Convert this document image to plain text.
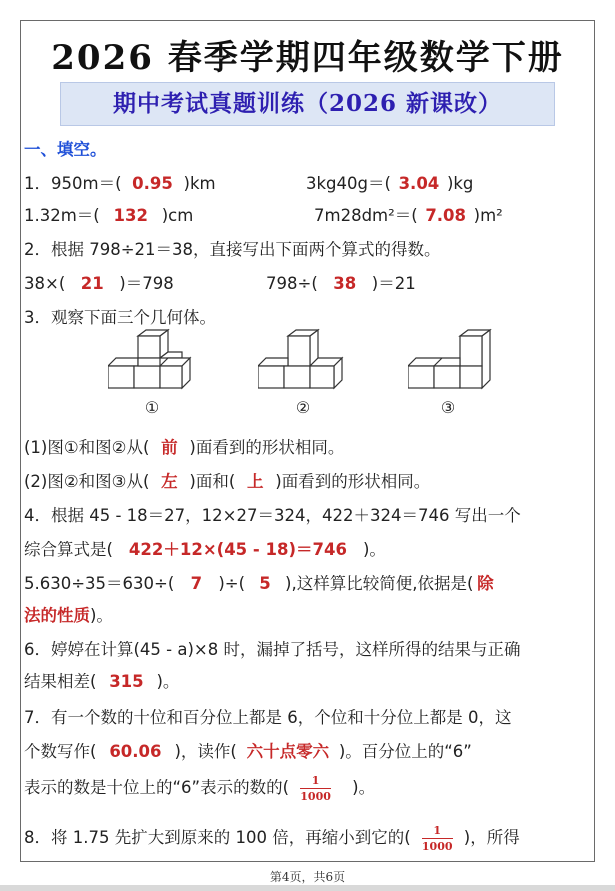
2026 春季学期四年级数学下册
期中考试真题训练（2026 新课改）
一、填空。
1．950m＝( 0.95 )km	3kg40g＝( 3.04 )kg
1.32m＝( 132 )cm	7m28dm²＝( 7.08 )m²
2．根据 798÷21＝38，直接写出下面两个算式的得数。
38×( 21 )＝798	798÷( 38 )＝21
3．观察下面三个几何体。
①	②	③
(1)图①和图②从( 前 )面看到的形状相同。
(2)图②和图③从( 左 )面和( 上 )面看到的形状相同。
4．根据 45 - 18＝27，12×27＝324，422＋324＝746 写出一个
综合算式是( 422＋12×(45 - 18)＝746 )。
5.630÷35＝630÷( 7 )÷( 5 ),这样算比较简便,依据是( 除
法的性质)。
6．婷婷在计算(45 - a)×8 时，漏掉了括号，这样所得的结果与正确
结果相差( 315 )。
7．有一个数的十位和百分位上都是 6，个位和十分位上都是 0，这
个数写作( 60.06 )，读作( 六十点零六 )。百分位上的“6”
表示的数是十位上的“6”表示的数的( $\frac{1}{1000}$ )。
8．将 1.75 先扩大到原来的 100 倍，再缩小到它的( $\frac{1}{1000}$ )，所得
第4页，共6页
